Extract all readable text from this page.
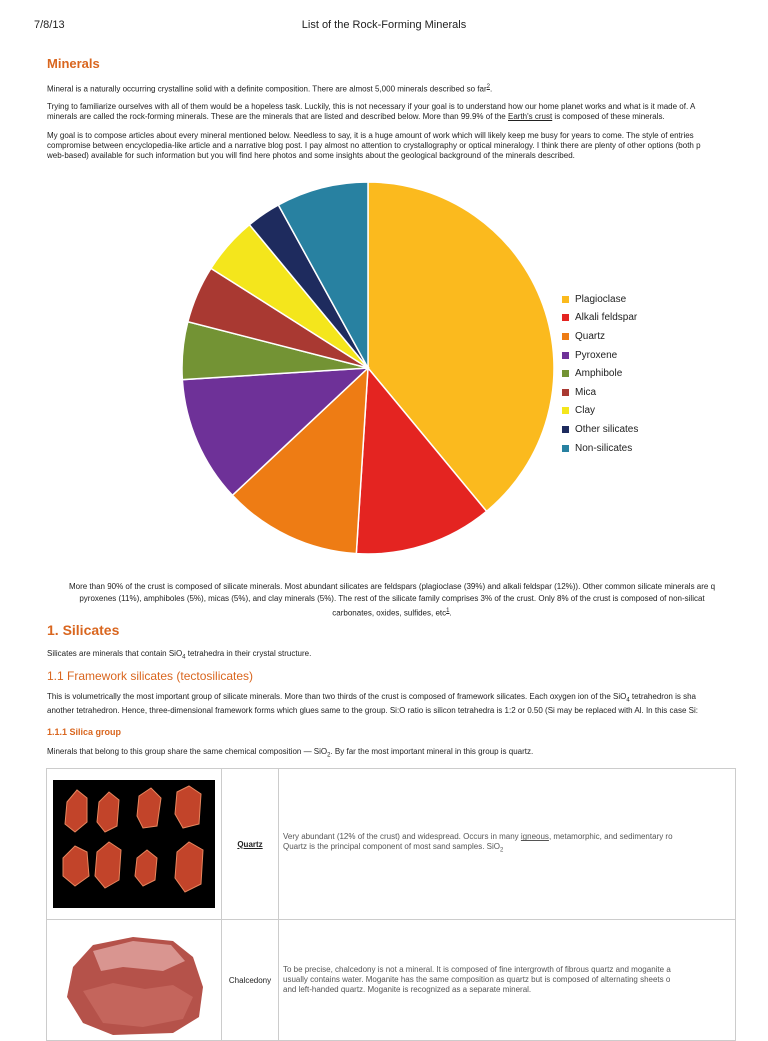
7/8/13	List of the Rock-Forming Minerals
Minerals
Mineral is a naturally occurring crystalline solid with a definite composition. There are almost 5,000 minerals described so far$^2$.
Trying to familiarize ourselves with all of them would be a hopeless task. Luckily, this is not necessary if your goal is to understand how our home planet works and what is it made of. A
minerals are called the rock-forming minerals. These are the minerals that are listed and described below. More than 99.9% of the Earth's crust is composed of these minerals.
My goal is to compose articles about every mineral mentioned below. Needless to say, it is a huge amount of work which will likely keep me busy for years to come. The style of entries
compromise between encyclopedia-like article and a narrative blog post. I pay almost no attention to crystallography or optical mineralogy. I think there are plenty of other options (both p
web-based) available for such information but you will find here photos and some insights about the geological background of the minerals described.
Plagioclase
Alkali feldspar
Quartz
Pyroxene
Amphibole
Mica
Clay
Other silicates
Non-silicates
More than 90% of the crust is composed of silicate minerals. Most abundant silicates are feldspars (plagioclase (39%) and alkali feldspar (12%)). Other common silicate minerals are q
pyroxenes (11%), amphiboles (5%), micas (5%), and clay minerals (5%). The rest of the silicate family comprises 3% of the crust. Only 8% of the crust is composed of non-silicat
carbonates, oxides, sulfides, etc$^1$.
1. Silicates
Silicates are minerals that contain SiO$_4$ tetrahedra in their crystal structure.
1.1 Framework silicates (tectosilicates)
This is volumetrically the most important group of silicate minerals. More than two thirds of the crust is composed of framework silicates. Each oxygen ion of the SiO$_4$ tetrahedron is sha
another tetrahedron. Hence, three-dimensional framework forms which glues same to the group. Si:O ratio is silicon tetrahedra is 1:2 or 0.50 (Si may be replaced with Al. In this case Si:
1.1.1 Silica group
Minerals that belong to this group share the same chemical composition — SiO$_2$. By far the most important mineral in this group is quartz.
	Quartz	Very abundant (12% of the crust) and widespread. Occurs in many igneous, metamorphic, and sedimentary ro
Quartz is the principal component of most sand samples. SiO$_2$

	Chalcedony	To be precise, chalcedony is not a mineral. It is composed of fine intergrowth of fibrous quartz and moganite a
usually contains water. Moganite has the same composition as quartz but is composed of alternating sheets o
and left-handed quartz. Moganite is recognized as a separate mineral.
